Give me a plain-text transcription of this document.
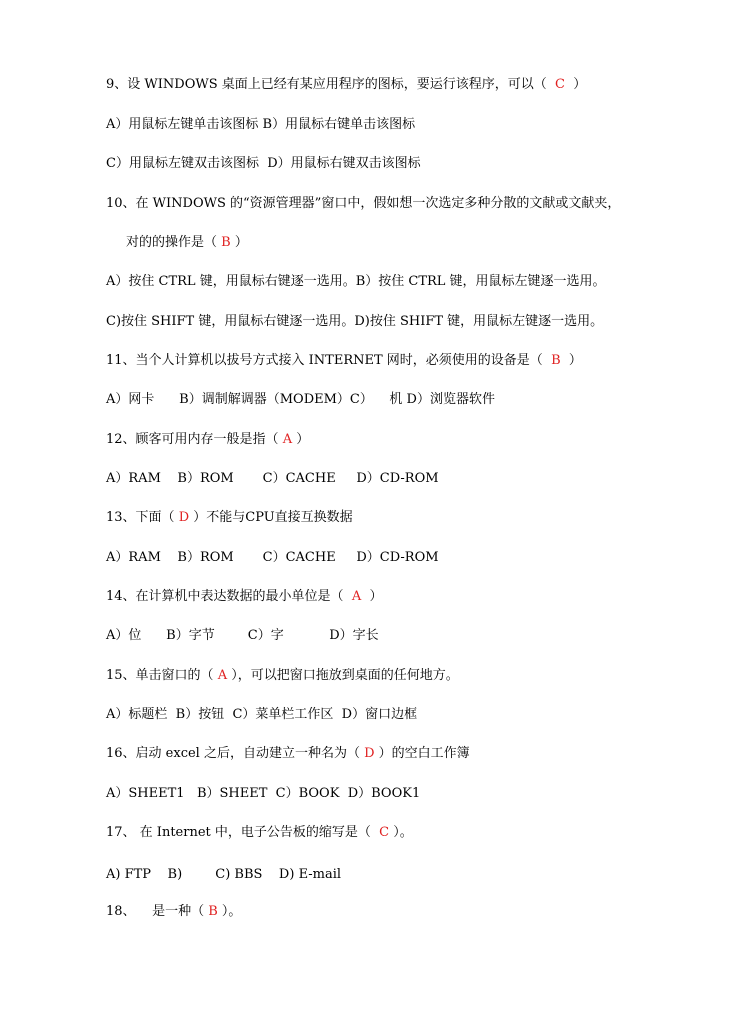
9、设 WINDOWS 桌面上已经有某应用程序的图标，要运行该程序，可以（  C  ）
A）用鼠标左键单击该图标 B）用鼠标右键单击该图标
C）用鼠标左键双击该图标  D）用鼠标右键双击该图标
10、在 WINDOWS 的“资源管理器”窗口中，假如想一次选定多种分散的文献或文献夹，
对的的操作是（ B ）
A）按住 CTRL 键，用鼠标右键逐一选用。B）按住 CTRL 键，用鼠标左键逐一选用。
C)按住 SHIFT 键，用鼠标右键逐一选用。D)按住 SHIFT 键，用鼠标左键逐一选用。
11、当个人计算机以拔号方式接入 INTERNET 网时，必须使用的设备是（  B  ）
A）网卡      B）调制解调器（MODEM）C）    机 D）浏览器软件
12、顾客可用内存一般是指（ A ）
A）RAM    B）ROM       C）CACHE     D）CD-ROM
13、下面（ D ）不能与CPU直接互换数据
A）RAM    B）ROM       C）CACHE     D）CD-ROM
14、在计算机中表达数据的最小单位是（  A  ）
A）位      B）字节        C）字           D）字长
15、单击窗口的（ A ），可以把窗口拖放到桌面的任何地方。
A）标题栏  B）按钮  C）菜单栏工作区  D）窗口边框
16、启动 excel 之后，自动建立一种名为（ D ）的空白工作簿
A）SHEET1   B）SHEET  C）BOOK  D）BOOK1
17、 在 Internet 中，电子公告板的缩写是（  C ）。
A) FTP    B)        C) BBS    D) E-mail
18、    是一种（ B ）。
